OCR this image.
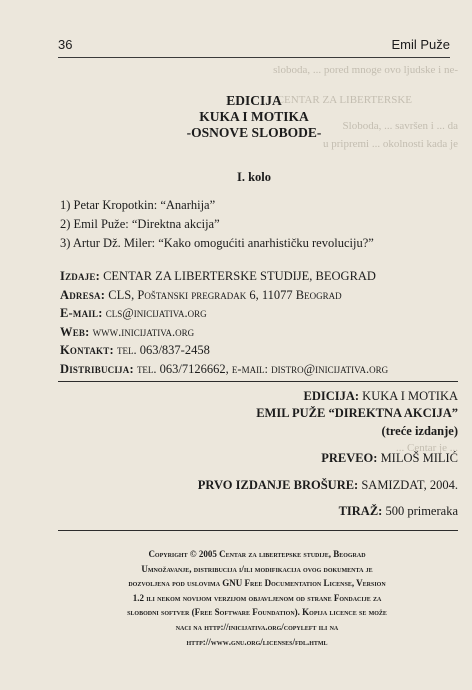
36	Emil Puže
sloboda, ... pored mnoge ovo ljudske i ne-
CENTAR ZA LIBERTERSKE
Sloboda, ... savršen i ... da
u pripremi ... okolnosti kada je
... Centar je ...
EDICIJA
KUKA I MOTIKA
-OSNOVE SLOBODE-
I. kolo
1) Petar Kropotkin: “Anarhija”
2) Emil Puže: “Direktna akcija”
3) Artur Dž. Miler: “Kako omogućiti anarhističku revoluciju?”
Izdaje: CENTAR ZA LIBERTERSKE STUDIJE, BEOGRAD
Adresa: CLS, Poštanski pregradak 6, 11077 Beograd
E-mail: cls@inicijativa.org
Web: www.inicijativa.org
Kontakt: tel. 063/837-2458
Distribucija: tel. 063/7126662, e-mail: distro@inicijativa.org
EDICIJA: KUKA I MOTIKA
EMIL PUŽE “DIREKTNA AKCIJA”
(treće izdanje)
PREVEO: MILOŠ MILIĆ
PRVO IZDANJE BROŠURE: SAMIZDAT, 2004.
TIRAŽ: 500 primeraka
Copyright © 2005 Centar za libertерske studije, Beograd
Umnožavanje, distribucija i/ili modifikacija ovog dokumenta je
dozvoljena pod uslovima GNU Free Documentation License, Version
1.2 ili nekom novijom verzijom objavljenom od strane Fondacije za
slobodni softver (Free Software Foundation). Kopija licence se može
naci na http://inicijativa.org/copyleft ili na
http://www.gnu.org/licenses/fdl.html
